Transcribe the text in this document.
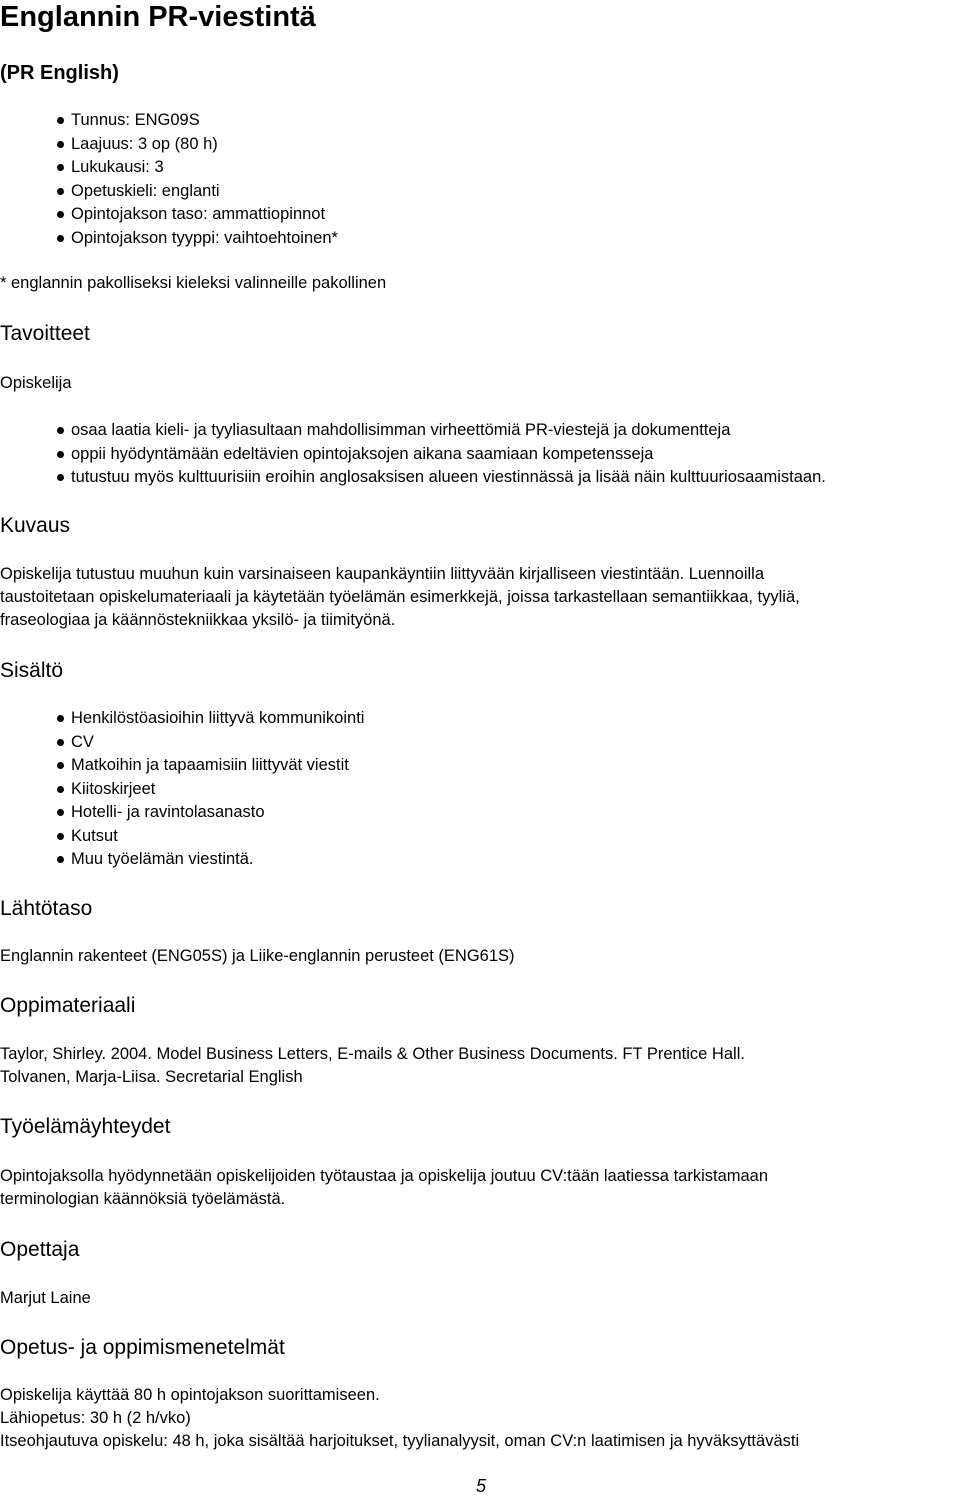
Englannin PR-viestintä
(PR English)
Tunnus: ENG09S
Laajuus: 3 op (80 h)
Lukukausi: 3
Opetuskieli: englanti
Opintojakson taso: ammattiopinnot
Opintojakson tyyppi: vaihtoehtoinen*
* englannin pakolliseksi kieleksi valinneille pakollinen
Tavoitteet
Opiskelija
osaa laatia kieli- ja tyyliasultaan mahdollisimman virheettömiä PR-viestejä ja dokumentteja
oppii hyödyntämään edeltävien opintojaksojen aikana saamiaan kompetensseja
tutustuu myös kulttuurisiin eroihin anglosaksisen alueen viestinnässä ja lisää näin kulttuuriosaamistaan.
Kuvaus
Opiskelija tutustuu muuhun kuin varsinaiseen kaupankäyntiin liittyvään kirjalliseen viestintään. Luennoilla
taustoitetaan opiskelumateriaali ja käytetään työelämän esimerkkejä, joissa tarkastellaan semantiikkaa, tyyliä,
fraseologiaa ja käännöstekniikkaa yksilö- ja tiimityönä.
Sisältö
Henkilöstöasioihin liittyvä kommunikointi
CV
Matkoihin ja tapaamisiin liittyvät viestit
Kiitoskirjeet
Hotelli- ja ravintolasanasto
Kutsut
Muu työelämän viestintä.
Lähtötaso
Englannin rakenteet (ENG05S) ja Liike-englannin perusteet (ENG61S)
Oppimateriaali
Taylor, Shirley. 2004. Model Business Letters, E-mails & Other Business Documents. FT Prentice Hall.
Tolvanen, Marja-Liisa. Secretarial English
Työelämäyhteydet
Opintojaksolla hyödynnetään opiskelijoiden työtaustaa ja opiskelija joutuu CV:tään laatiessa tarkistamaan
terminologian käännöksiä työelämästä.
Opettaja
Marjut Laine
Opetus- ja oppimismenetelmät
Opiskelija käyttää 80 h opintojakson suorittamiseen.
Lähiopetus: 30 h (2 h/vko)
Itseohjautuva opiskelu: 48 h, joka sisältää harjoitukset, tyylianalyysit, oman CV:n laatimisen ja hyväksyttävästi
5
